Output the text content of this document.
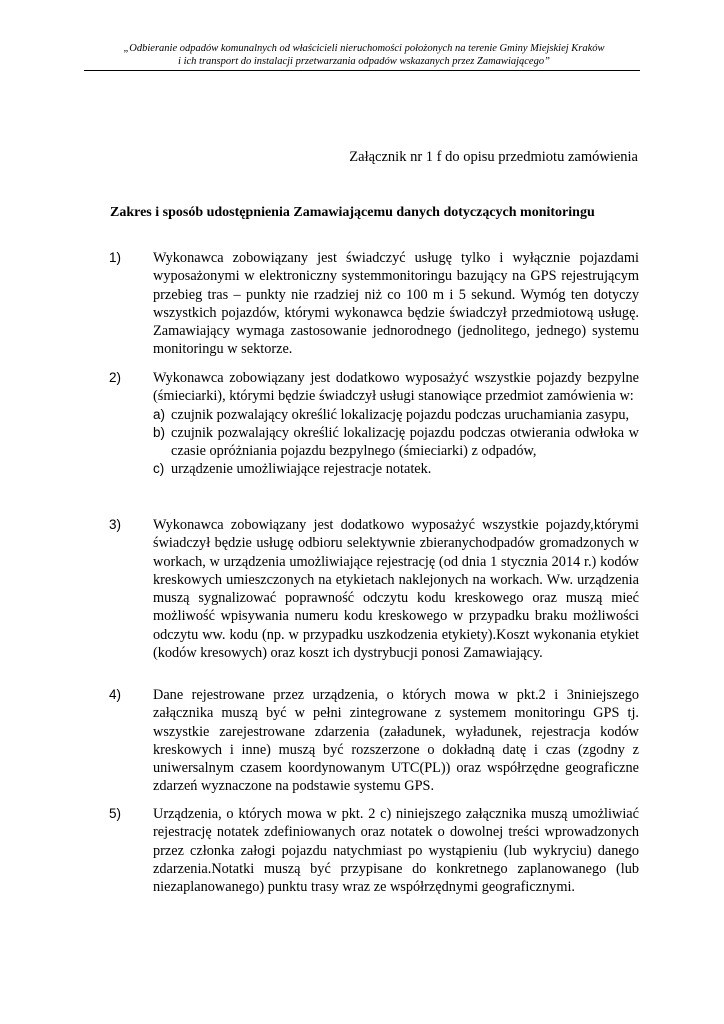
„Odbieranie odpadów komunalnych od właścicieli nieruchomości położonych na terenie Gminy Miejskiej Kraków
i ich transport do instalacji przetwarzania odpadów wskazanych przez Zamawiającego”
Załącznik nr 1 f do opisu przedmiotu zamówienia
Zakres i sposób udostępnienia Zamawiającemu danych dotyczących monitoringu
1) Wykonawca zobowiązany jest świadczyć usługę tylko i wyłącznie pojazdami wyposażonymi w elektroniczny systemmonitoringu bazujący na GPS rejestrującym przebieg tras – punkty nie rzadziej niż co 100 m i 5 sekund. Wymóg ten dotyczy wszystkich pojazdów, którymi wykonawca będzie świadczył przedmiotową usługę. Zamawiający wymaga zastosowanie jednorodnego (jednolitego, jednego) systemu monitoringu w sektorze.
2) Wykonawca zobowiązany jest dodatkowo wyposażyć wszystkie pojazdy bezpylne (śmieciarki), którymi będzie świadczył usługi stanowiące przedmiot zamówienia w:
a) czujnik pozwalający określić lokalizację pojazdu podczas uruchamiania zasypu,
b) czujnik pozwalający określić lokalizację pojazdu podczas otwierania odwłoka w czasie opróżniania pojazdu bezpylnego (śmieciarki) z odpadów,
c) urządzenie umożliwiające rejestracje notatek.
3) Wykonawca zobowiązany jest dodatkowo wyposażyć wszystkie pojazdy,którymi świadczył będzie usługę odbioru selektywnie zbieranychodpadów gromadzonych w workach, w urządzenia umożliwiające rejestrację (od dnia 1 stycznia 2014 r.) kodów kreskowych umieszczonych na etykietach naklejonych na workach. Ww. urządzenia muszą sygnalizować poprawność odczytu kodu kreskowego oraz muszą mieć możliwość wpisywania numeru kodu kreskowego w przypadku braku możliwości odczytu ww. kodu (np. w przypadku uszkodzenia etykiety).Koszt wykonania etykiet (kodów kresowych) oraz koszt ich dystrybucji ponosi Zamawiający.
4) Dane rejestrowane przez urządzenia, o których mowa w pkt.2 i 3niniejszego załącznika muszą być w pełni zintegrowane z systemem monitoringu GPS tj. wszystkie zarejestrowane zdarzenia (załadunek, wyładunek, rejestracja kodów kreskowych i inne) muszą być rozszerzone o dokładną datę i czas (zgodny z uniwersalnym czasem koordynowanym UTC(PL)) oraz współrzędne geograficzne zdarzeń wyznaczone na podstawie systemu GPS.
5) Urządzenia, o których mowa w pkt. 2 c) niniejszego załącznika muszą umożliwiać rejestrację notatek zdefiniowanych oraz notatek o dowolnej treści wprowadzonych przez członka załogi pojazdu natychmiast po wystąpieniu (lub wykryciu) danego zdarzenia.Notatki muszą być przypisane do konkretnego zaplanowanego (lub niezaplanowanego) punktu trasy wraz ze współrzędnymi geograficznymi.
